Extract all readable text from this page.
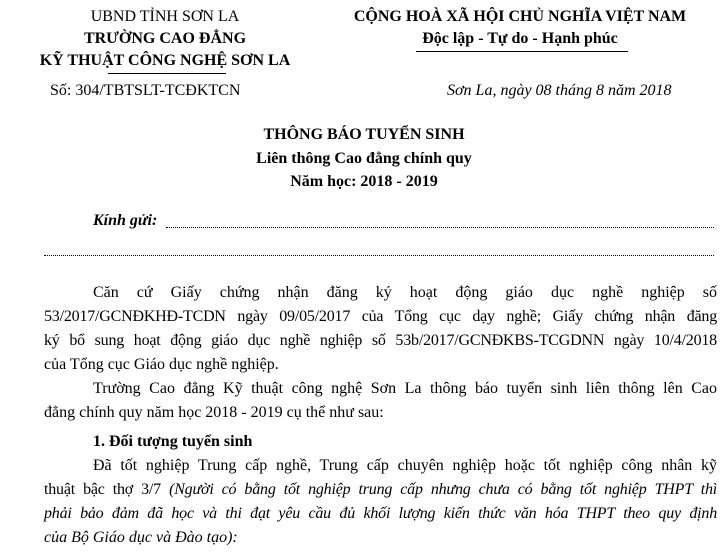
UBND TỈNH SƠN LA
TRƯỜNG CAO ĐẲNG
KỸ THUẬT CÔNG NGHỆ SƠN LA
Số: 304/TBTSLT-TCĐKTCN
CỘNG HOÀ XÃ HỘI CHỦ NGHĨA VIỆT NAM
Độc lập - Tự do - Hạnh phúc
Sơn La, ngày 08 tháng 8 năm 2018
THÔNG BÁO TUYỂN SINH
Liên thông Cao đẳng chính quy
Năm học: 2018 - 2019
Kính gửi:
Căn cứ Giấy chứng nhận đăng ký hoạt động giáo dục nghề nghiệp số
53/2017/GCNĐKHĐ-TCDN ngày 09/05/2017 của Tổng cục dạy nghề; Giấy chứng nhận đăng
ký bổ sung hoạt động giáo dục nghề nghiệp số 53b/2017/GCNĐKBS-TCGDNN ngày 10/4/2018
của Tổng cục Giáo dục nghề nghiệp.
Trường Cao đẳng Kỹ thuật công nghệ Sơn La thông báo tuyển sinh liên thông lên Cao
đẳng chính quy năm học 2018 - 2019 cụ thể như sau:
1. Đối tượng tuyển sinh
Đã tốt nghiệp Trung cấp nghề, Trung cấp chuyên nghiệp hoặc tốt nghiệp công nhân kỹ
thuật bậc thợ 3/7 (Người có bằng tốt nghiệp trung cấp nhưng chưa có bằng tốt nghiệp THPT thì
phải bảo đảm đã học và thi đạt yêu cầu đủ khối lượng kiến thức văn hóa THPT theo quy định
của Bộ Giáo dục và Đào tạo):
